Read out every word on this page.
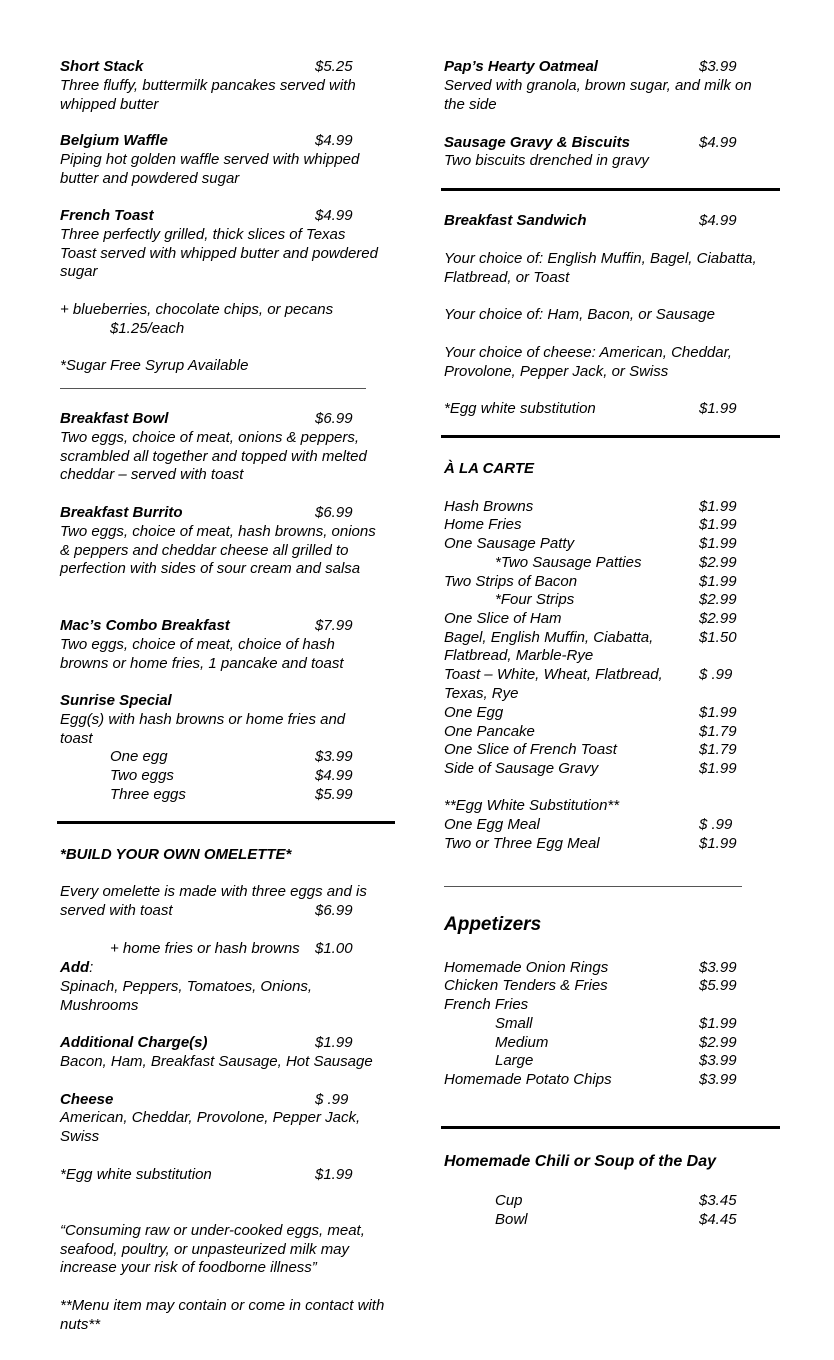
Short Stack	$5.25
Three fluffy, buttermilk pancakes served with whipped butter
Belgium Waffle	$4.99
Piping hot golden waffle served with whipped butter and powdered sugar
French Toast	$4.99
Three perfectly grilled, thick slices of Texas Toast served with whipped butter and powdered sugar
+ blueberries, chocolate chips, or pecans
$1.25/each
*Sugar Free Syrup Available
Breakfast Bowl	$6.99
Two eggs, choice of meat, onions & peppers, scrambled all together and topped with melted cheddar – served with toast
Breakfast Burrito	$6.99
Two eggs, choice of meat, hash browns, onions & peppers and cheddar cheese all grilled to perfection with sides of sour cream and salsa
Mac’s Combo Breakfast	$7.99
Two eggs, choice of meat, choice of hash browns or home fries, 1 pancake and toast
Sunrise Special
Egg(s) with hash browns or home fries and toast
One egg	$3.99
Two eggs	$4.99
Three eggs	$5.99
*BUILD YOUR OWN OMELETTE*
Every omelette is made with three eggs and is
served with toast	$6.99
+ home fries or hash browns $1.00
Add:
Spinach, Peppers, Tomatoes, Onions, Mushrooms
Additional Charge(s)	$1.99
Bacon, Ham, Breakfast Sausage, Hot Sausage
Cheese	$ .99
American, Cheddar, Provolone, Pepper Jack, Swiss
*Egg white substitution	$1.99
“Consuming raw or under-cooked eggs, meat, seafood, poultry, or unpasteurized milk may increase your risk of foodborne illness”
**Menu item may contain or come in contact with nuts**
Pap’s Hearty Oatmeal	$3.99
Served with granola, brown sugar, and milk on the side
Sausage Gravy & Biscuits	$4.99
Two biscuits drenched in gravy
Breakfast Sandwich	$4.99
Your choice of: English Muffin, Bagel, Ciabatta, Flatbread, or Toast
Your choice of: Ham, Bacon, or Sausage
Your choice of cheese: American, Cheddar, Provolone, Pepper Jack, or Swiss
*Egg white substitution	$1.99
À LA CARTE
Hash Browns	$1.99
Home Fries	$1.99
One Sausage Patty	$1.99
*Two Sausage Patties	$2.99
Two Strips of Bacon	$1.99
*Four Strips	$2.99
One Slice of Ham	$2.99
Bagel, English Muffin, Ciabatta,	$1.50
Flatbread, Marble-Rye
Toast – White, Wheat, Flatbread, $ .99
Texas, Rye
One Egg	$1.99
One Pancake	$1.79
One Slice of French Toast	$1.79
Side of Sausage Gravy	$1.99
**Egg White Substitution**
One Egg Meal	$ .99
Two or Three Egg Meal	$1.99
Appetizers
Homemade Onion Rings	$3.99
Chicken Tenders & Fries	$5.99
French Fries
Small	$1.99
Medium	$2.99
Large	$3.99
Homemade Potato Chips	$3.99
Homemade Chili or Soup of the Day
Cup	$3.45
Bowl	$4.45
